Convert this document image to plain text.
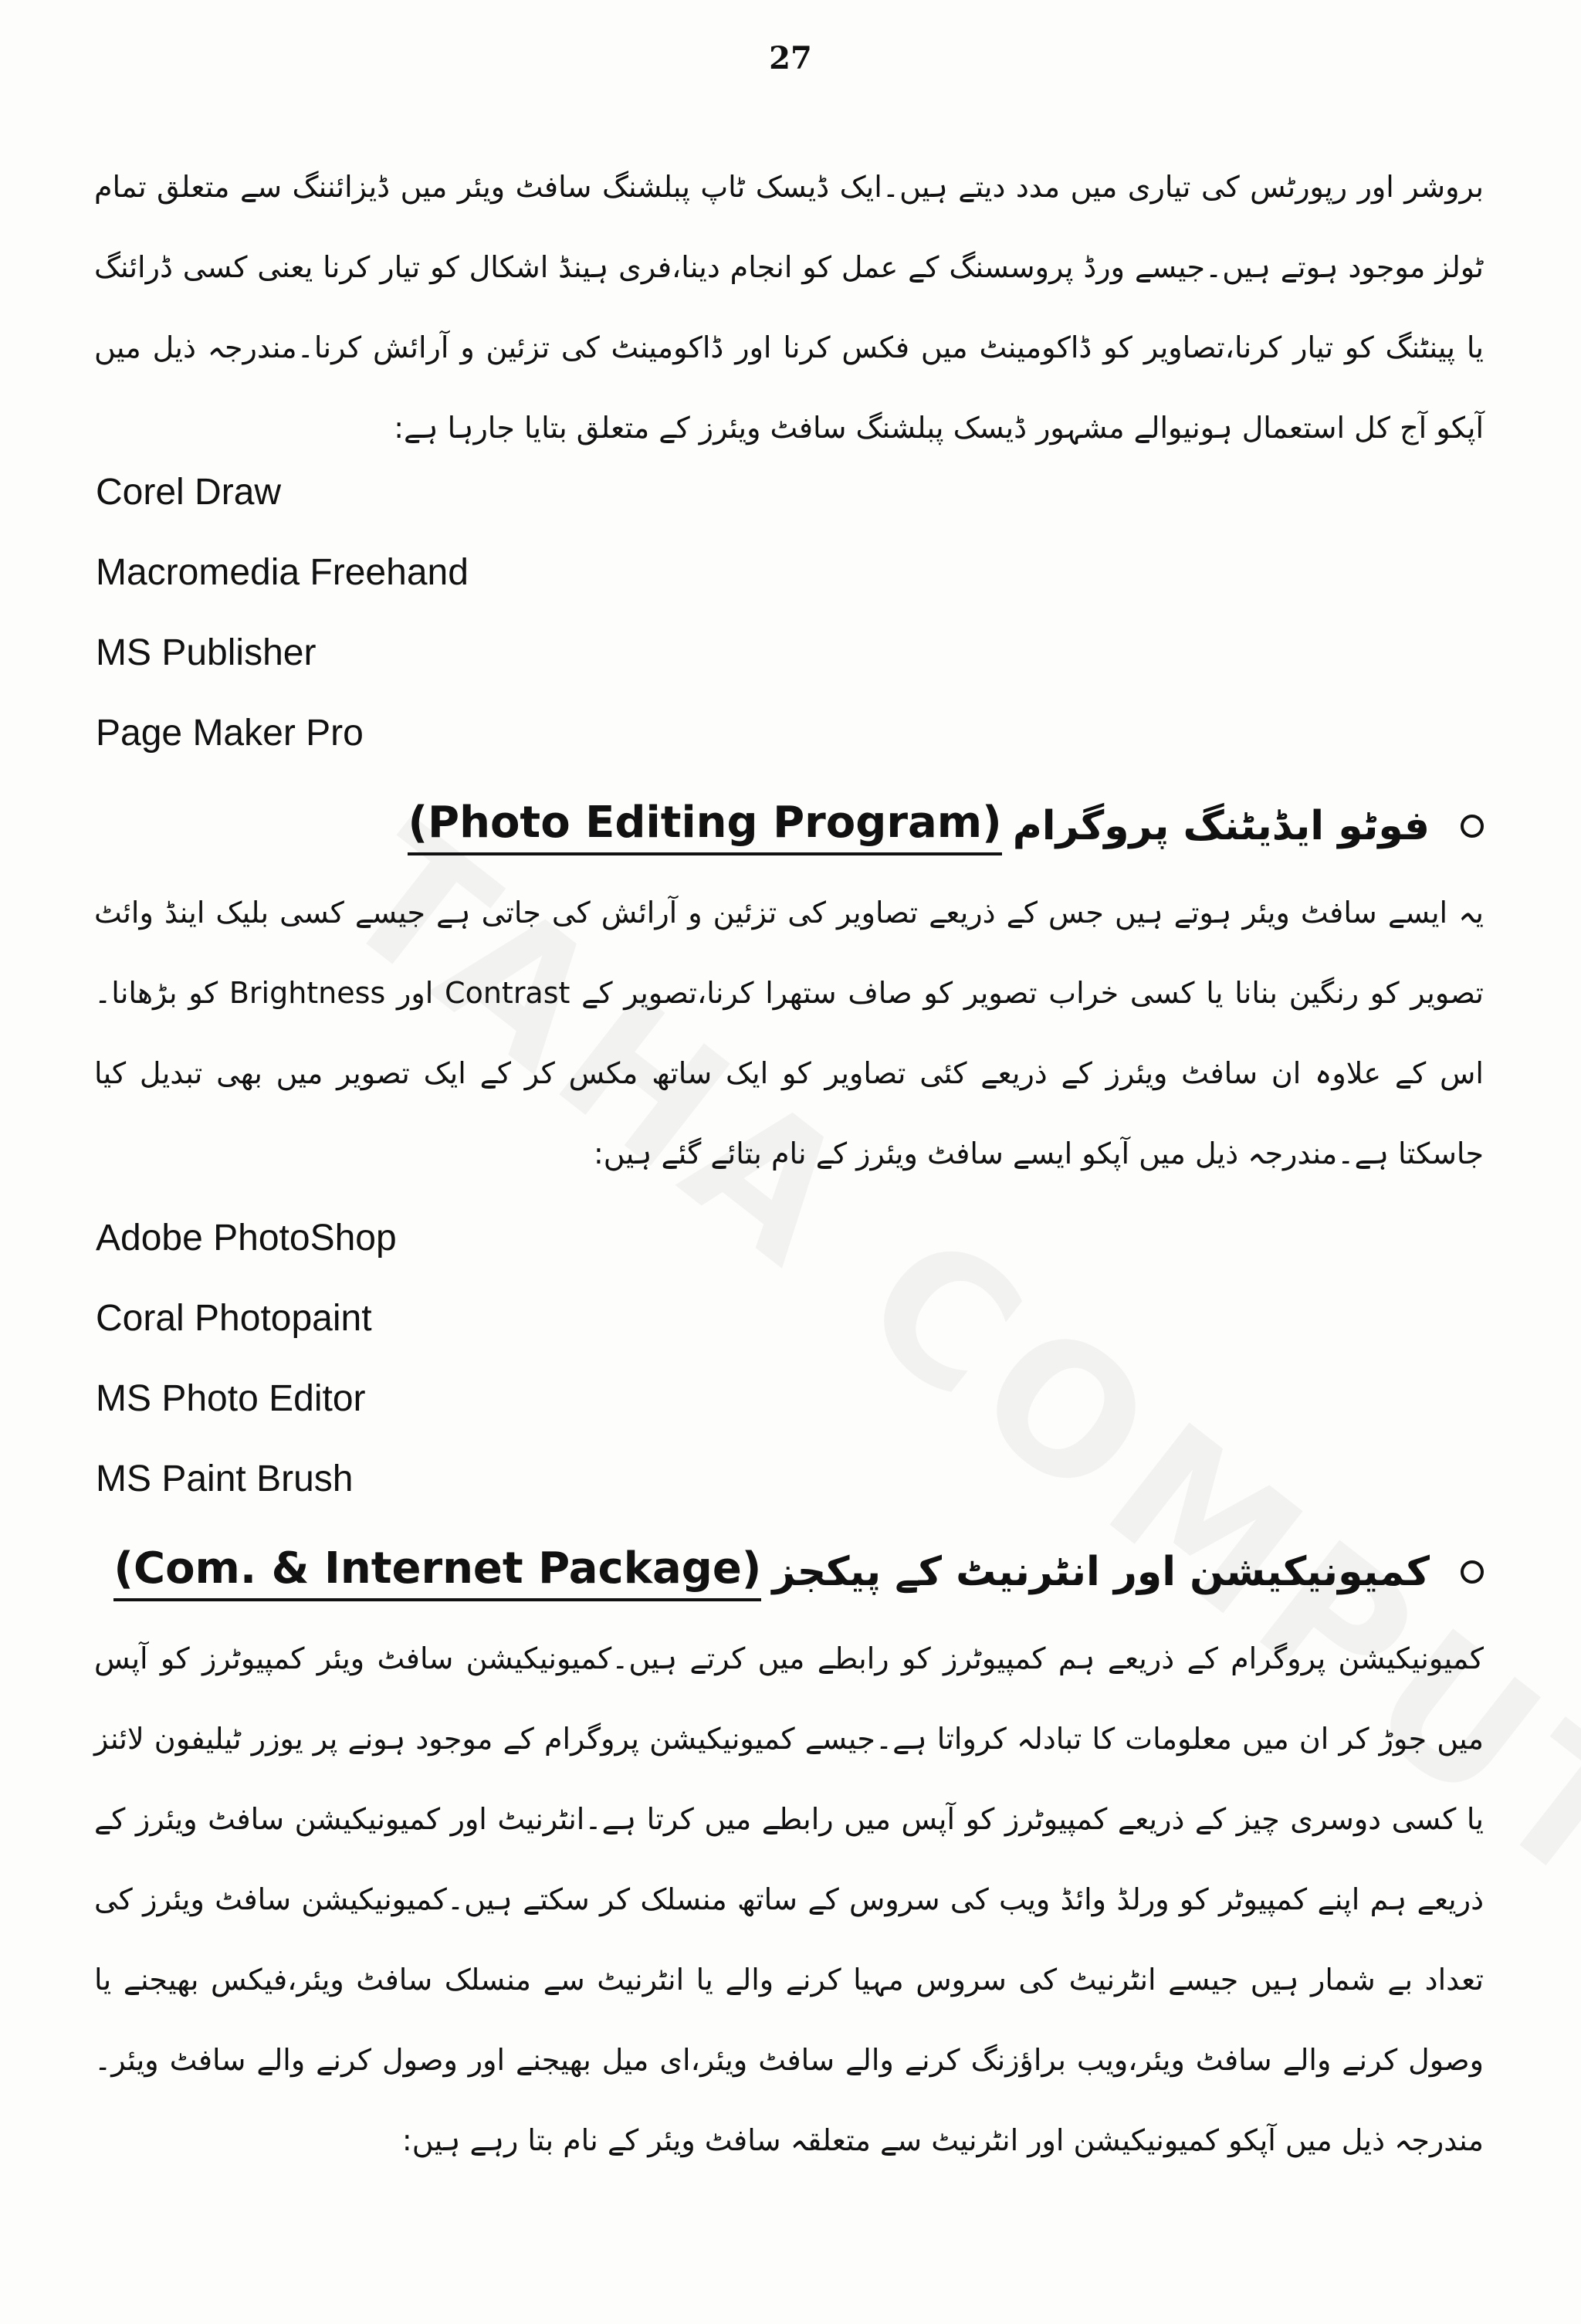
27

بروشر اور رپورٹس کی تیاری میں مدد دیتے ہیں۔ایک ڈیسک ٹاپ پبلشنگ سافٹ ویئر میں ڈیزائننگ سے متعلق تمام ٹولز موجود ہوتے ہیں۔جیسے ورڈ پروسسنگ کے عمل کو انجام دینا،فری ہینڈ اشکال کو تیار کرنا یعنی کسی ڈرائنگ یا پینٹنگ کو تیار کرنا،تصاویر کو ڈاکومینٹ میں فکس کرنا اور ڈاکومینٹ کی تزئین و آرائش کرنا۔مندرجہ ذیل میں آپکو آج کل استعمال ہونیوالے مشہور ڈیسک پبلشنگ سافٹ ویئرز کے متعلق بتایا جارہا ہے:

Corel Draw
Macromedia Freehand
MS Publisher
Page Maker Pro
فوٹو ایڈیٹنگ پروگرام
(Photo Editing Program)

یہ ایسے سافٹ ویئر ہوتے ہیں جس کے ذریعے تصاویر کی تزئین و آرائش کی جاتی ہے جیسے کسی بلیک اینڈ وائٹ تصویر کو رنگین بنانا یا کسی خراب تصویر کو صاف ستھرا کرنا،تصویر کے Contrast اور Brightness کو بڑھانا۔اس کے علاوہ ان سافٹ ویئرز کے ذریعے کئی تصاویر کو ایک ساتھ مکس کر کے ایک تصویر میں بھی تبدیل کیا جاسکتا ہے۔مندرجہ ذیل میں آپکو ایسے سافٹ ویئرز کے نام بتائے گئے ہیں:

Adobe PhotoShop
Coral Photopaint
MS Photo Editor
MS Paint Brush
کمیونیکیشن اور انٹرنیٹ کے پیکجز
(Com. & Internet Package)

کمیونیکیشن پروگرام کے ذریعے ہم کمپیوٹرز کو رابطے میں کرتے ہیں۔کمیونیکیشن سافٹ ویئر کمپیوٹرز کو آپس میں جوڑ کر ان میں معلومات کا تبادلہ کرواتا ہے۔جیسے کمیونیکیشن پروگرام کے موجود ہونے پر یوزر ٹیلیفون لائنز یا کسی دوسری چیز کے ذریعے کمپیوٹرز کو آپس میں رابطے میں کرتا ہے۔انٹرنیٹ اور کمیونیکیشن سافٹ ویئرز کے ذریعے ہم اپنے کمپیوٹر کو ورلڈ وائڈ ویب کی سروس کے ساتھ منسلک کر سکتے ہیں۔کمیونیکیشن سافٹ ویئرز کی تعداد بے شمار ہیں جیسے انٹرنیٹ کی سروس مہیا کرنے والے یا انٹرنیٹ سے منسلک سافٹ ویئر،فیکس بھیجنے یا وصول کرنے والے سافٹ ویئر،ویب براؤزنگ کرنے والے سافٹ ویئر،ای میل بھیجنے اور وصول کرنے والے سافٹ ویئر۔مندرجہ ذیل میں آپکو کمیونیکیشن اور انٹرنیٹ سے متعلقہ سافٹ ویئر کے نام بتا رہے ہیں:
